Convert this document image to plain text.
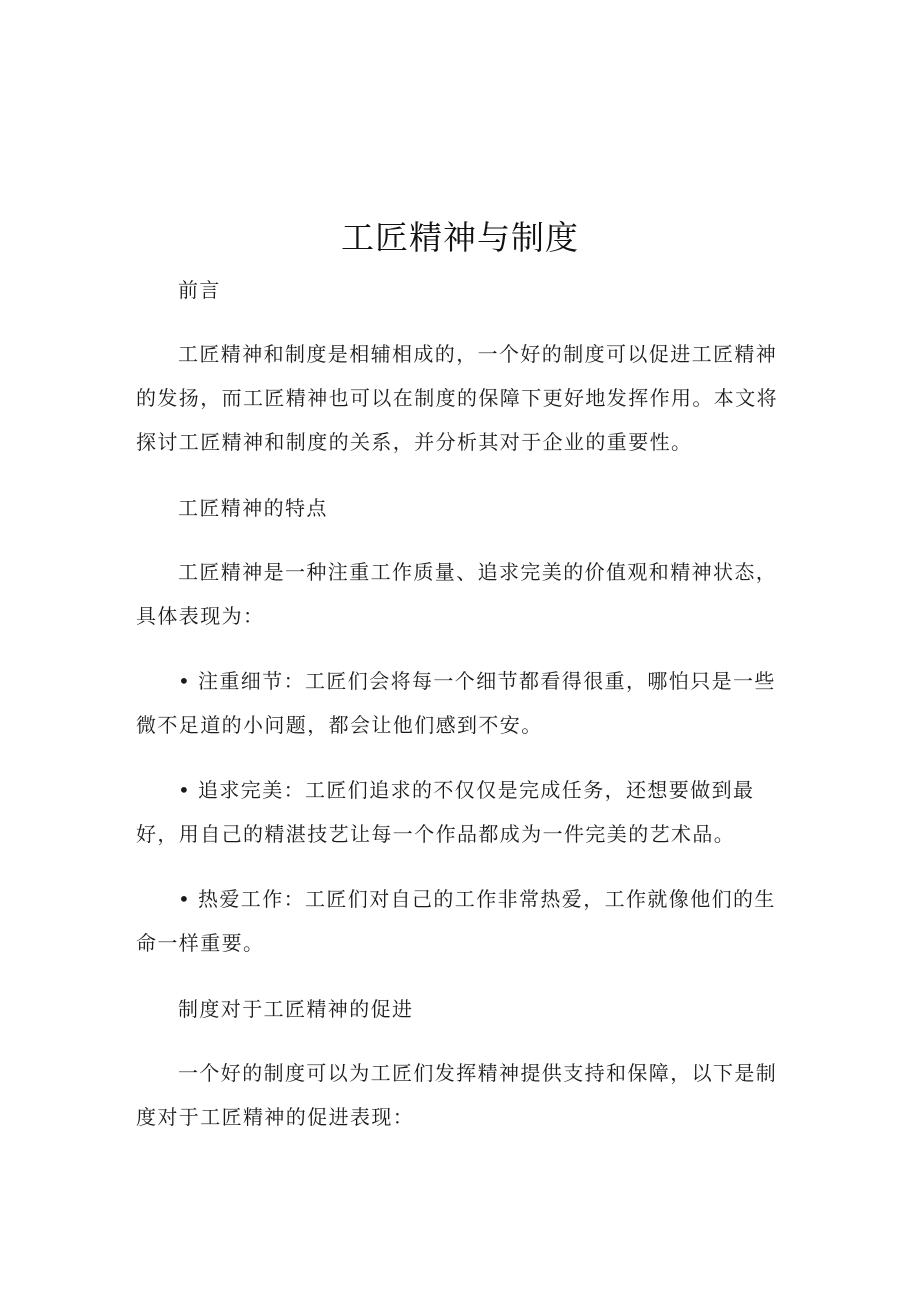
工匠精神与制度

前言

工匠精神和制度是相辅相成的，一个好的制度可以促进工匠精神的发扬，而工匠精神也可以在制度的保障下更好地发挥作用。本文将探讨工匠精神和制度的关系，并分析其对于企业的重要性。

工匠精神的特点

工匠精神是一种注重工作质量、追求完美的价值观和精神状态，具体表现为：

• 注重细节：工匠们会将每一个细节都看得很重，哪怕只是一些微不足道的小问题，都会让他们感到不安。

• 追求完美：工匠们追求的不仅仅是完成任务，还想要做到最好，用自己的精湛技艺让每一个作品都成为一件完美的艺术品。

• 热爱工作：工匠们对自己的工作非常热爱，工作就像他们的生命一样重要。

制度对于工匠精神的促进

一个好的制度可以为工匠们发挥精神提供支持和保障，以下是制度对于工匠精神的促进表现：
